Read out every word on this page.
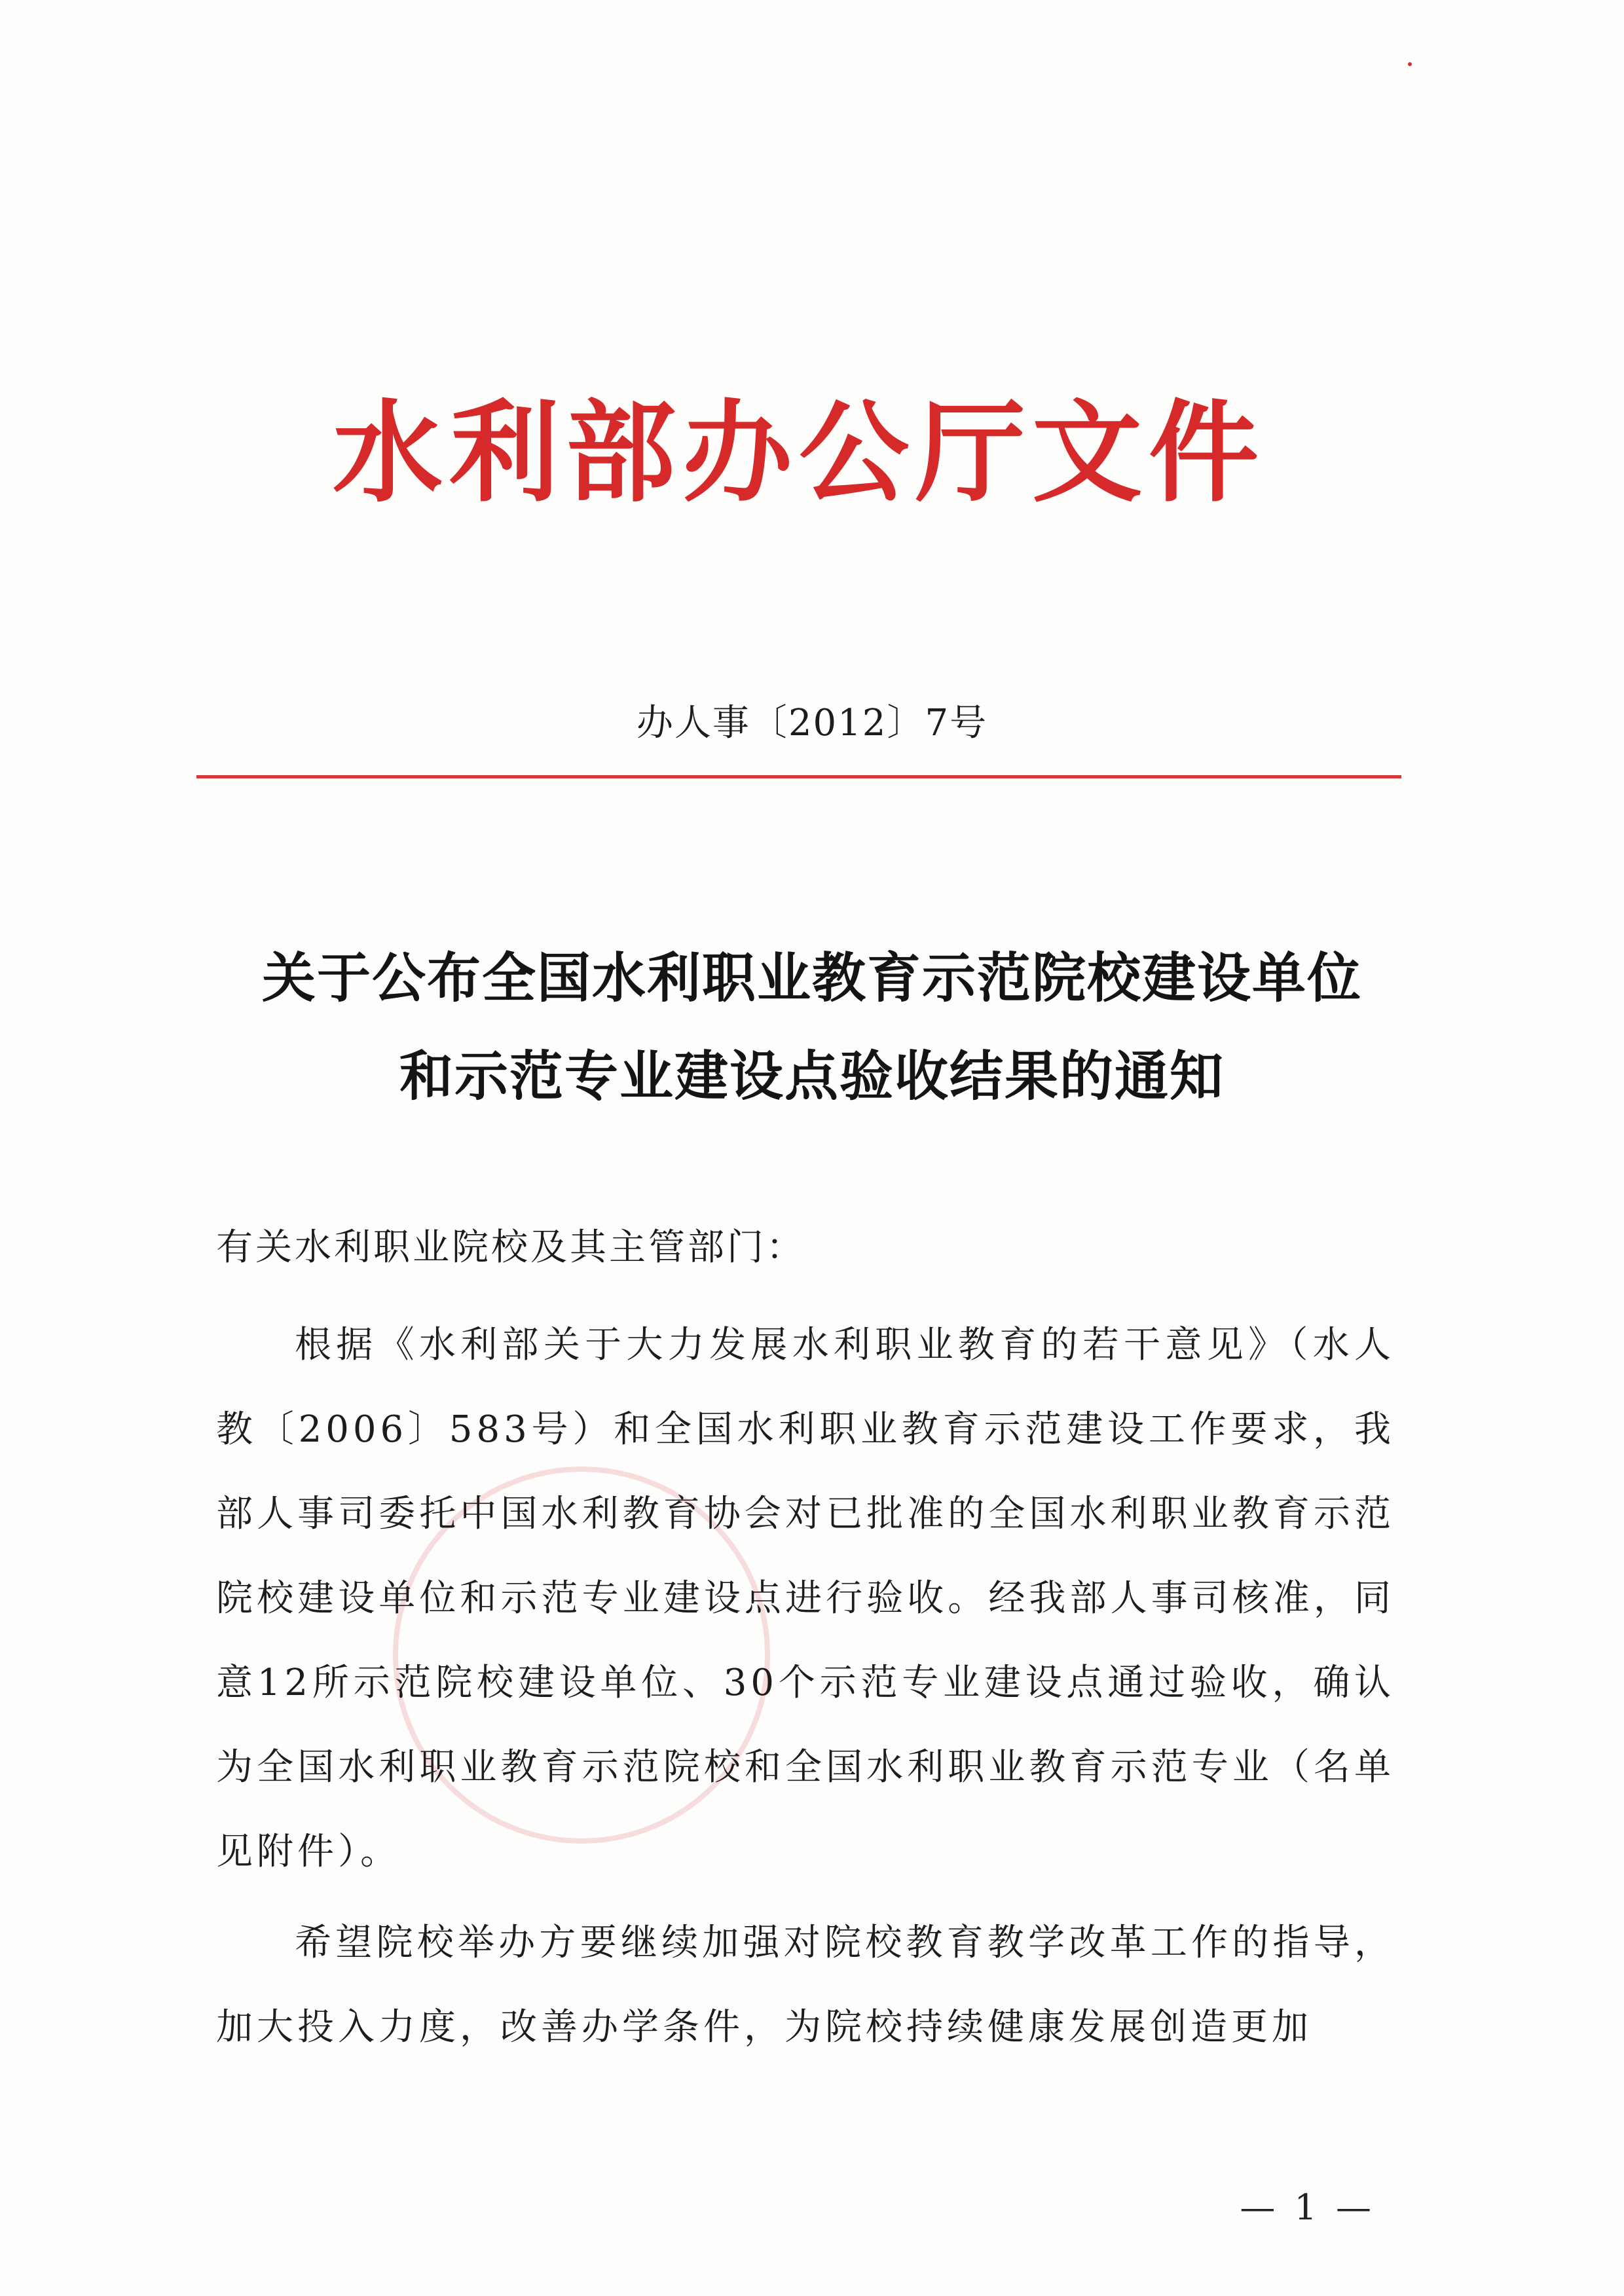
水利部办公厅文件
办人事〔2012〕7号
关于公布全国水利职业教育示范院校建设单位
和示范专业建设点验收结果的通知
有关水利职业院校及其主管部门：

根据《水利部关于大力发展水利职业教育的若干意见》（水人教〔2006〕583号）和全国水利职业教育示范建设工作要求，我部人事司委托中国水利教育协会对已批准的全国水利职业教育示范院校建设单位和示范专业建设点进行验收。经我部人事司核准，同意12所示范院校建设单位、30个示范专业建设点通过验收，确认为全国水利职业教育示范院校和全国水利职业教育示范专业（名单见附件）。

希望院校举办方要继续加强对院校教育教学改革工作的指导，加大投入力度，改善办学条件，为院校持续健康发展创造更加

— 1 —
